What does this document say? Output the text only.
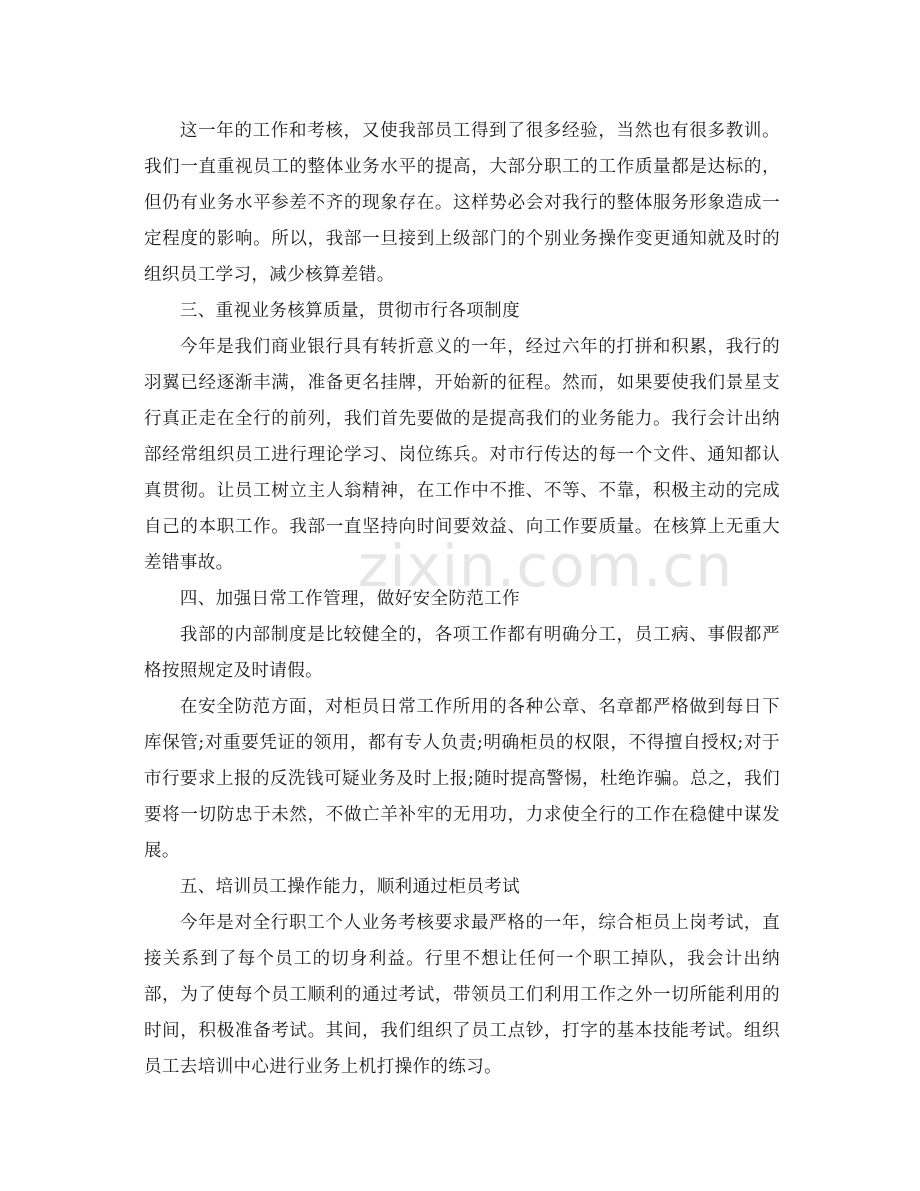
zixin.com.cn

这一年的工作和考核，又使我部员工得到了很多经验，当然也有很多教训。我们一直重视员工的整体业务水平的提高，大部分职工的工作质量都是达标的，但仍有业务水平参差不齐的现象存在。这样势必会对我行的整体服务形象造成一定程度的影响。所以，我部一旦接到上级部门的个别业务操作变更通知就及时的组织员工学习，减少核算差错。

三、重视业务核算质量，贯彻市行各项制度

今年是我们商业银行具有转折意义的一年，经过六年的打拼和积累，我行的羽翼已经逐渐丰满，准备更名挂牌，开始新的征程。然而，如果要使我们景星支行真正走在全行的前列，我们首先要做的是提高我们的业务能力。我行会计出纳部经常组织员工进行理论学习、岗位练兵。对市行传达的每一个文件、通知都认真贯彻。让员工树立主人翁精神，在工作中不推、不等、不靠，积极主动的完成自己的本职工作。我部一直坚持向时间要效益、向工作要质量。在核算上无重大差错事故。

四、加强日常工作管理，做好安全防范工作

我部的内部制度是比较健全的，各项工作都有明确分工，员工病、事假都严格按照规定及时请假。

在安全防范方面，对柜员日常工作所用的各种公章、名章都严格做到每日下库保管;对重要凭证的领用，都有专人负责;明确柜员的权限，不得擅自授权;对于市行要求上报的反洗钱可疑业务及时上报;随时提高警惕，杜绝诈骗。总之，我们要将一切防忠于未然，不做亡羊补牢的无用功，力求使全行的工作在稳健中谋发展。

五、培训员工操作能力，顺利通过柜员考试

今年是对全行职工个人业务考核要求最严格的一年，综合柜员上岗考试，直接关系到了每个员工的切身利益。行里不想让任何一个职工掉队，我会计出纳部，为了使每个员工顺利的通过考试，带领员工们利用工作之外一切所能利用的时间，积极准备考试。其间，我们组织了员工点钞，打字的基本技能考试。组织员工去培训中心进行业务上机打操作的练习。
